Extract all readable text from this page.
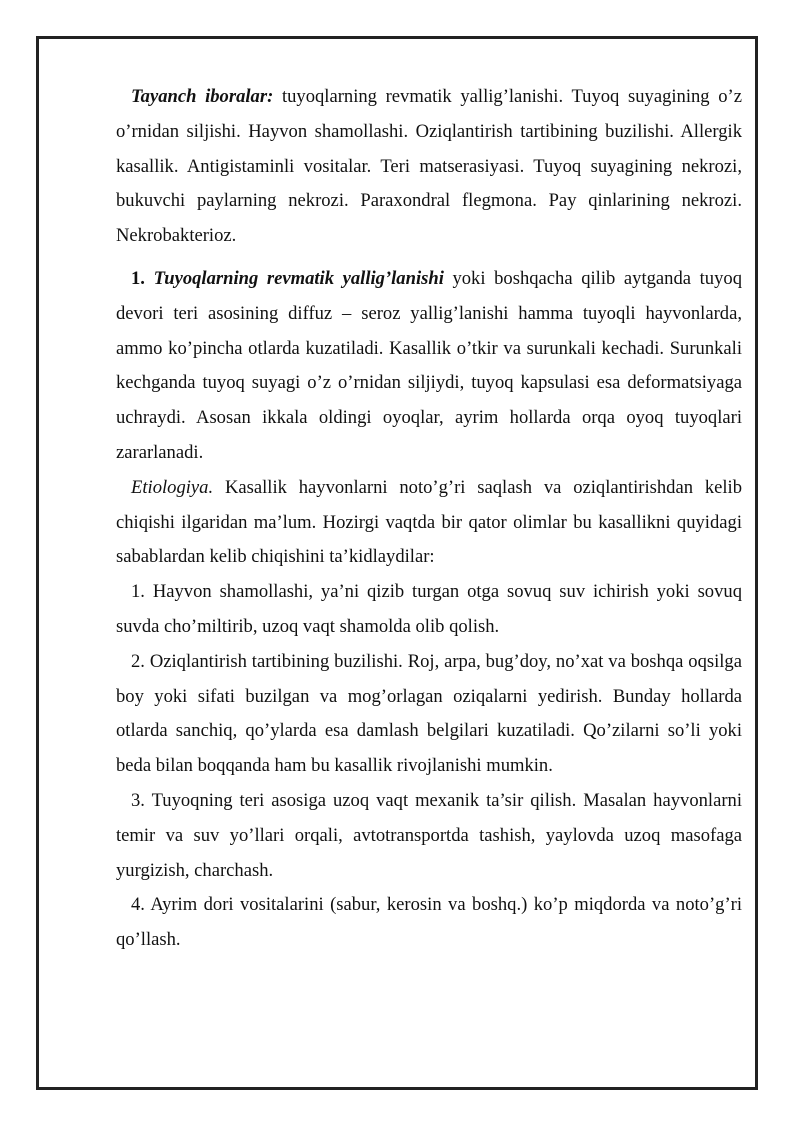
Tayanch iboralar: tuyoqlarning revmatik yallig’lanishi. Tuyoq suyagining o’z o’rnidan siljishi. Hayvon shamollashi. Oziqlantirish tartibining buzilishi. Allergik kasallik. Antigistaminli vositalar. Teri matserasiyasi. Tuyoq suyagining nekrozi, bukuvchi paylarning nekrozi. Paraxondral flegmona. Pay qinlarining nekrozi. Nekrobakterioz.

1. Tuyoqlarning revmatik yallig’lanishi yoki boshqacha qilib aytganda tuyoq devori teri asosining diffuz – seroz yallig’lanishi hamma tuyoqli hayvonlarda, ammo ko’pincha otlarda kuzatiladi. Kasallik o’tkir va surunkali kechadi. Surunkali kechganda tuyoq suyagi o’z o’rnidan siljiydi, tuyoq kapsulasi esa deformatsiyaga uchraydi. Asosan ikkala oldingi oyoqlar, ayrim hollarda orqa oyoq tuyoqlari zararlanadi.

Etiologiya. Kasallik hayvonlarni noto’g’ri saqlash va oziqlantirishdan kelib chiqishi ilgaridan ma’lum. Hozirgi vaqtda bir qator olimlar bu kasallikni quyidagi sabablardan kelib chiqishini ta’kidlaydilar:

1. Hayvon shamollashi, ya’ni qizib turgan otga sovuq suv ichirish yoki sovuq suvda cho’miltirib, uzoq vaqt shamolda olib qolish.

2. Oziqlantirish tartibining buzilishi. Roj, arpa, bug’doy, no’xat va boshqa oqsilga boy yoki sifati buzilgan va mog’orlagan oziqalarni yedirish. Bunday hollarda otlarda sanchiq, qo’ylarda esa damlash belgilari kuzatiladi. Qo’zilarni so’li yoki beda bilan boqqanda ham bu kasallik rivojlanishi mumkin.

3. Tuyoqning teri asosiga uzoq vaqt mexanik ta’sir qilish. Masalan hayvonlarni temir va suv yo’llari orqali, avtotransportda tashish, yaylovda uzoq masofaga yurgizish, charchash.

4. Ayrim dori vositalarini (sabur, kerosin va boshq.) ko’p miqdorda va noto’g’ri qo’llash.
